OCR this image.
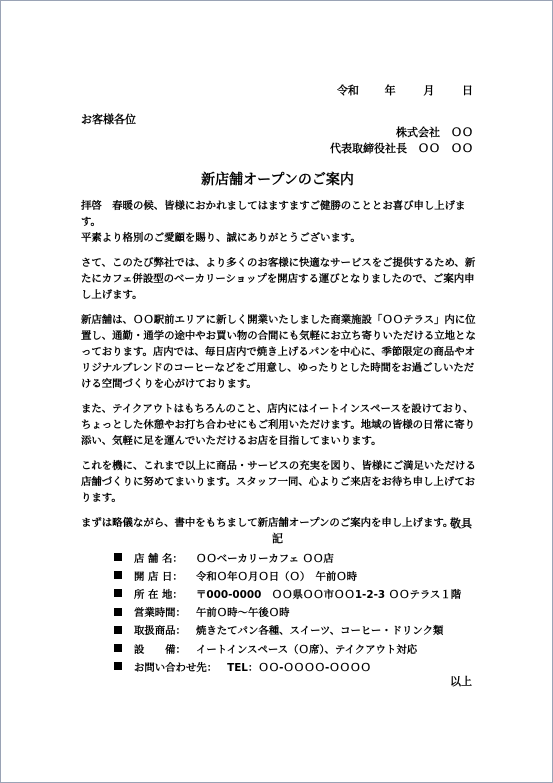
令和 年	月	日
お客様各位
株式会社　ＯＯ
代表取締役社長　ＯＯ　ＯＯ
新店舗オープンのご案内

拝啓　春暖の候、皆様におかれましてはますますご健勝のこととお喜び申し上げます。
平素より格別のご愛顧を賜り、誠にありがとうございます。

さて、このたび弊社では、より多くのお客様に快適なサービスをご提供するため、新たにカフェ併設型のベーカリーショップを開店する運びとなりましたので、ご案内申し上げます。

新店舗は、ＯＯ駅前エリアに新しく開業いたしました商業施設「ＯＯテラス」内に位置し、通勤・通学の途中やお買い物の合間にも気軽にお立ち寄りいただける立地となっております。店内では、毎日店内で焼き上げるパンを中心に、季節限定の商品やオリジナルブレンドのコーヒーなどをご用意し、ゆったりとした時間をお過ごしいただける空間づくりを心がけております。

また、テイクアウトはもちろんのこと、店内にはイートインスペースを設けており、ちょっとした休憩やお打ち合わせにもご利用いただけます。地域の皆様の日常に寄り添い、気軽に足を運んでいただけるお店を目指してまいります。

これを機に、これまで以上に商品・サービスの充実を図り、皆様にご満足いただける店舗づくりに努めてまいります。スタッフ一同、心よりご来店をお待ち申し上げております。

まずは略儀ながら、書中をもちまして新店舗オープンのご案内を申し上げます。

敬具
記
店 舗 名：	ＯＯベーカリーカフェ ＯＯ店
開 店 日：	令和Ｏ年Ｏ月Ｏ日（Ｏ）　午前Ｏ時
所 在 地：	〒000-0000　ＯＯ県ＯＯ市ＯＯ1-2-3 ＯＯテラス１階
営業時間： 午前Ｏ時～午後Ｏ時
取扱商品： 焼きたてパン各種、スイーツ、コーヒー・ドリンク類
設　　備： イートインスペース（Ｏ席）、テイクアウト対応
お問い合わせ先： TEL：ＯＯ-ＯＯＯＯ-ＯＯＯＯ
以上
